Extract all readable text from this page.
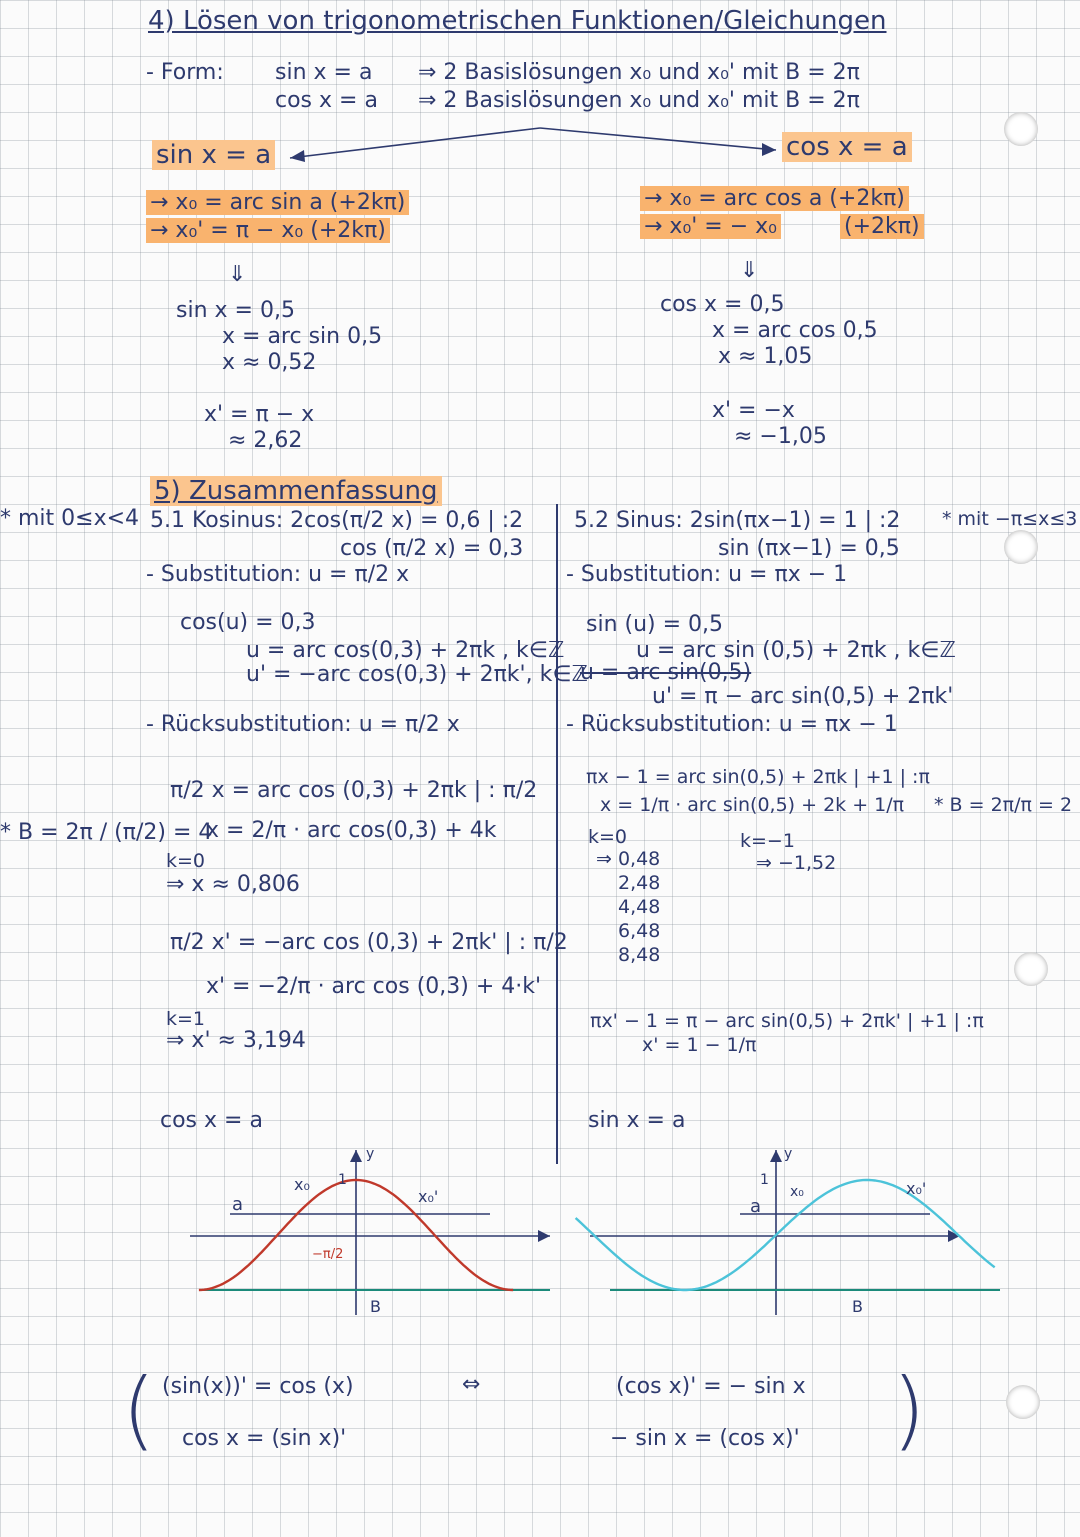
4) Lösen von trigonometrischen Funktionen/Gleichungen
- Form: sin x = a ⇒ 2 Basislösungen x₀ und x₀' mit B = 2π
cos x = a ⇒ 2 Basislösungen x₀ und x₀' mit B = 2π
sin x = a
→ x₀ = arc sin a (+2kπ)
→ x₀' = π − x₀ (+2kπ)
⇓
sin x = 0,5
x = arc sin 0,5
x ≈ 0,52
x' = π − x
≈ 2,62
cos x = a
→ x₀ = arc cos a (+2kπ)
→ x₀' = − x₀	(+2kπ)
⇓
cos x = 0,5
x = arc cos 0,5
x ≈ 1,05
x' = −x
≈ −1,05
5) Zusammenfassung
* mit 0≤x<4	* mit −π≤x≤3
5.1 Kosinus: 2cos(π/2 x) = 0,6 | :2
cos (π/2 x) = 0,3
- Substitution: u = π/2 x
cos(u) = 0,3
u = arc cos(0,3) + 2πk , k∈ℤ
u' = −arc cos(0,3) + 2πk', k∈ℤ
- Rücksubstitution: u = π/2 x
π/2 x = arc cos (0,3) + 2πk | : π/2
x = 2/π · arc cos(0,3) + 4k
k=0
⇒ x ≈ 0,806
π/2 x' = −arc cos (0,3) + 2πk' | : π/2
x' = −2/π · arc cos (0,3) + 4·k'
k=1
⇒ x' ≈ 3,194
* B = 2π / (π/2) = 4
5.2 Sinus: 2sin(πx−1) = 1 | :2
sin (πx−1) = 0,5
- Substitution: u = πx − 1
sin (u) = 0,5
u = arc sin (0,5) + 2πk , k∈ℤ
u = arc sin(0,5)
u' = π − arc sin(0,5) + 2πk'
- Rücksubstitution: u = πx − 1
πx − 1 = arc sin(0,5) + 2πk | +1 | :π
x = 1/π · arc sin(0,5) + 2k + 1/π * B = 2π/π = 2
k=0	k=−1
⇒ 0,48
2,48
4,48
6,48
8,48
⇒ −1,52
πx' − 1 = π − arc sin(0,5) + 2πk' | +1 | :π
x' = 1 − 1/π
cos x = a	sin x = a
a
x₀
x₀'
y
1
B
−π/2
a
x₀	x₀'
y
1
B
( (sin(x))' = cos (x)	⇔
cos x = (sin x)'
(cos x)' = − sin x
− sin x = (cos x)' )
